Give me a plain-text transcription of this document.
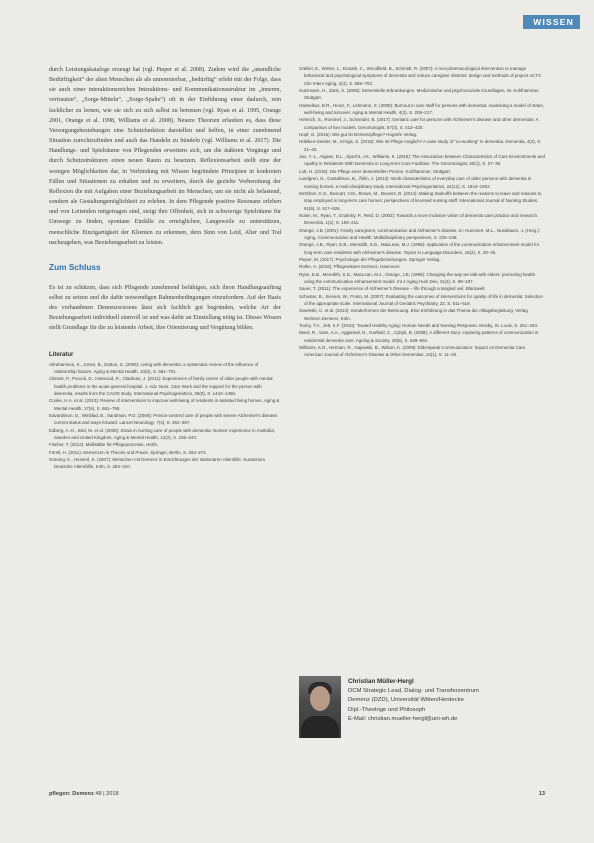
WISSEN

durch Leistungskataloge erzeugt hat (vgl. Pieper et al. 2008). Zudem wird die „unendliche Bedürftigkeit“ der alten Menschen als als unnormierbar, „bedürftig“ erlebt mit der Folge, dass sie auch einer interaktionsreichen Interaktions- und Kommunikationsstruktur im „inneren, vertrauten“, „Sorge-Mitteln“, „Sorge-Spalte“) oft in der Einführung einer dadurch, rein fachlicher zu lernen, wie sie sich zu sich selbst zu betreuen (vgl. Ryan et al. 1995, Orange 2001, Orange et al. 1998, Williams et al. 2008). Neuere Theorien erlauben es, dass diese Versorgungsbeziehungen eine Schutzfunktion darstellen und helfen, in einer zunehmend Situation zurechtzufinden und auch das Handeln zu bündeln (vgl. Williams et al. 2017). Die Handlungs- und Spielräume von Pflegenden erweitern sich, um die äußeren Vorgänge und durch Schutzstrukturen einen neuen Raum zu besetzen. Reflexionsarbeit stellt eine der wenigen Möglichkeiten dar, in Verbindung mit Wissen begründete Prinzipien in konkreten Fällen und Situationen zu erhalten und zu erweitern, durch die gezielte Vorbereitung der Reflexion die mit Aufgaben einer Beziehungsarbeit im Menschen, um sie nicht als belastend, sondern als Gestaltungsmöglichkeit zu erleben. In dem Pflegende positive Resonanz erleben und von Leitenden mitgetragen sind, steigt ihre Offenheit, sich in schwierige Spielräume für Umwege zu finden, spontane Einfälle zu ermöglichen, Langeweile zu unterstützen, menschliche Einzigartigkeit der Klienten zu erkennen, dem Sinn von Leid, Alter und Tod nachzugehen, was Beziehungsarbeit zu leisten.

Zum Schluss

Es ist zu schätzen, dass sich Pflegende zunehmend befähigen, sich ihren Handlungsauftrag selbst zu setzen und die dafür notwendigen Rahmenbedingungen einzufordern. Auf der Basis des vorhandenen Demenzwissens lässt sich fachlich gut begründen, welche Art der Beziehungsarbeit individuell sinnvoll ist und was dafür an Einstellung nötig ist. Dieses Wissen stellt Grundlage für die zu leistende Arbeit, ihre Orientierung und Vergütung bilden.

Literatur

Abrahamson, K., Jones, B., Dutton, S. (2006): Living with dementia: a systematic review of the influence of relationship factors. Aging & Mental Health, 10(6), S. 681–701.

Clissett, P., Porock, D., Harwood, R., Gladman, J. (2011): Experiences of family carers of older people with mental health problems in the acute general hospital. J. Adv. Nurs. Care Work and the support for the person with dementia, results from the CAVID study. International Psychogeriatrics, 25(9), S. 1442–1456.

Cooke, H.A. et al. (2013): Review of interventions to improve well-being of residents in assisted living homes. Aging & Mental Health, 17(6), S. 651–798.

Edvardsson, D., Winblad, B., Sandman, P.O. (2008): Person-centred care of people with severe Alzheimer's disease: current status and ways forward. Lancet Neurology, 7(4), S. 362–367.

Edberg, A.-K., Bird, M. et al. (2008): Strain in nursing care of people with dementia: Nurses' experience in Australia, Sweden and United Kingdom. Aging & Mental Health, 12(2), S. 236–243.

Fischer, T. (2012): Maßstäbe für Pflegeprozesse, Hürth.

Förstl, H. (2011): Demenzen in Theorie und Praxis. Springer, Berlin, S. 263–274.

Gröning, K., Heimerl, K. (2007): Menschen mit Demenz in Einrichtungen der stationären Altenhilfe. Kuratorium Deutsche Altershilfe, Köln, S. 253–310.

Gräßel, E., Winter, L., Donath, C., Woodfield, B., Schmidt, R. (2007): A non-pharmacological intervention to manage behavioral and psychological symptoms of dementia and reduce caregiver distress: design and methods of project ACT3. Clin Interv Aging, 2(4), S. 685–703.

Gutzmann, H., Zank, S. (2005): Dementielle Erkrankungen. Medizinische und psychosoziale Grundlagen. W. Kohlhammer, Stuttgart.

Hasselkus, B.R., Heinz, F., Lehmann, S. (2000): Burnout in care staff for persons with dementia: examining a model of strain, well-being and turnover. Aging & Mental Health, 4(3), S. 208–217.

Heinrich, S., Rommel, J., Schneider, B. (2017): Geriatric care for persons with Alzheimer's disease and other dementias: A comparison of two models. Gerontologist, 57(3), S. 412–420.

Hopf, G. (2016): Wie gut ist Demenzpflege? Hogrefe Verlag.

Hülsken-Giesler, M., Krings, S. (2015): Wie ist Pflege möglich? A case study of “co-working” in dementia. Dementia, 4(3), S. 21–42.

Jao, Y.-L., Algase, D.L., Specht, J.K., Williams, K. (2015): The Association between Characteristics of Care Environments and Apathy in Residents With Dementia in Long-term Care Facilities. The Gerontologist, 55(1), S. 27–39.

Lott, H. (2016): Die Pflege einer dementiellen Person. Kohlhammer, Stuttgart.

Lundgren, D., Gustafsson, B., Åhlin, J. (2012): Work characteristics of everyday care of older persons with dementia in nursing homes: a multi-disciplinary study. International Psychogeriatrics, 24(12), S. 1844–1902.

McGilton, K.S., Boscart, V.M., Brown, M., Bowers, B. (2014): Making tradeoffs between the reasons to leave and reasons to stay employed in long-term care homes: perspectives of licensed nursing staff. International Journal of Nursing Studies, 51(6), S. 917–926.

Nolan, M., Ryan, T., Enderby, P., Reid, D. (2002): Towards a more inclusive vision of dementia care practice and research. Dementia, 1(2), S. 193–211.

Orange, J.B. (2001): Family caregivers, communication and Alzheimer's disease. In: Hummert, M.L., Nussbaum, J. (Hrsg.): Aging, Communication and Health: Multidisciplinary perspectives, S. 225–248.

Orange, J.B., Ryan, E.B., Meredith, S.D., MacLean, M.J. (1995): Application of the communication enhancement model for long-term care residents with Alzheimer's disease. Topics in Language Disorders, 15(2), S. 20–35.

Pieper, M. (2017): Psychologie der Pflegebeziehungen. Springer Verlag.

Rothe, A. (2016): Pflegewissen Demenz. Hannover.

Ryan, E.B., Meredith, S.D., MacLean, M.J., Orange, J.B. (1995): Changing the way we talk with elders: promoting health using the communication enhancement model. Int J Aging Hum Dev, 41(2), S. 89–107.

Sauer, T. (2011): The experience of Alzheimer's Disease – life through a tangled veil. Blackwell.

Schuster, B., Sievers, W., Ponto, M. (2007): Evaluating the outcomes of interventions for quality of life in dementia: Selection of the appropriate scale. International Journal of Geriatric Psychiatry, 22, S. 511–519.

Sowinski, C. et al. (2013): Sonderformen der Betreuung. Eine Einführung in das Thema der Alltagsbegleitung. Verlag Wohnen Demenz, Köln.

Touhy, T.A., Jett, K.F. (2010): Toward Healthy Aging: Human Needs and Nursing Response. Mosby, St. Louis, S. 251–263.

Ward, R., Vass, A.A., Aggarwal, N., Garfield, C., Cybyk, B. (2008): A different story: exploring patterns of communication in residential dementia care. Ageing & Society, 28(5), S. 629–651.

Williams, K.N., Herman, R., Gajewski, B., Wilson, K. (2009): Elderspeak Communication: Impact on Dementia Care. American Journal of Alzheimer's Disease & Other Dementias, 24(1), S. 11–20.

Christian Müller-Hergl
DCM Strategic Lead, Dialog- und Transferzentrum
Demenz (DZD), Universität Witten/Herdecke
Dipl.-Theologe und Philosoph
E-Mail: christian.mueller-hergl@uni-wh.de
pflegen: Demenz 48 | 2018	13
